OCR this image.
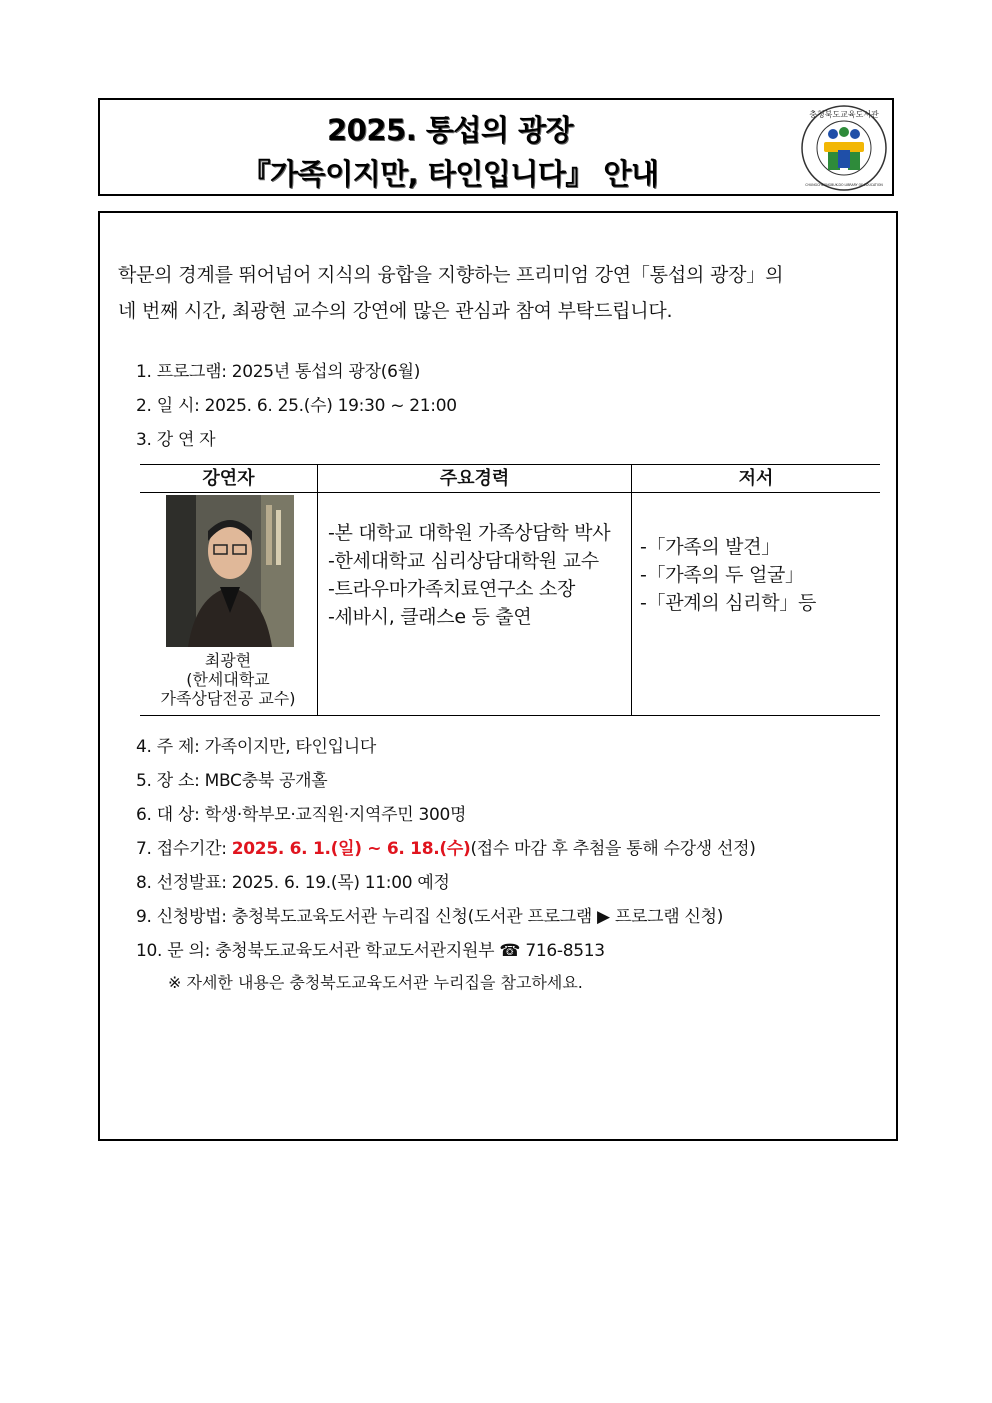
2025. 통섭의 광장
『가족이지만, 타인입니다』 안내
충청북도교육도서관
CHUNGCHEONGBUK-DO LIBRARY OF EDUCATION
학문의 경계를 뛰어넘어 지식의 융합을 지향하는 프리미엄 강연「통섭의 광장」의
네 번째 시간, 최광현 교수의 강연에 많은 관심과 참여 부탁드립니다.
1. 프로그램: 2025년 통섭의 광장(6월)
2. 일 시: 2025. 6. 25.(수) 19:30 ~ 21:00
3. 강 연 자
강연자	주요경력	저서
최광현
(한세대학교
가족상담전공 교수)
-본 대학교 대학원 가족상담학 박사
-한세대학교 심리상담대학원 교수
-트라우마가족치료연구소 소장
-세바시, 클래스e 등 출연
-「가족의 발견」
-「가족의 두 얼굴」
-「관계의 심리학」등
4. 주 제: 가족이지만, 타인입니다
5. 장 소: MBC충북 공개홀
6. 대 상: 학생·학부모·교직원·지역주민 300명
7. 접수기간: 2025. 6. 1.(일) ~ 6. 18.(수)(접수 마감 후 추첨을 통해 수강생 선정)
8. 선정발표: 2025. 6. 19.(목) 11:00 예정
9. 신청방법: 충청북도교육도서관 누리집 신청(도서관 프로그램 ▶ 프로그램 신청)
10. 문 의: 충청북도교육도서관 학교도서관지원부 ☎ 716-8513
※ 자세한 내용은 충청북도교육도서관 누리집을 참고하세요.
